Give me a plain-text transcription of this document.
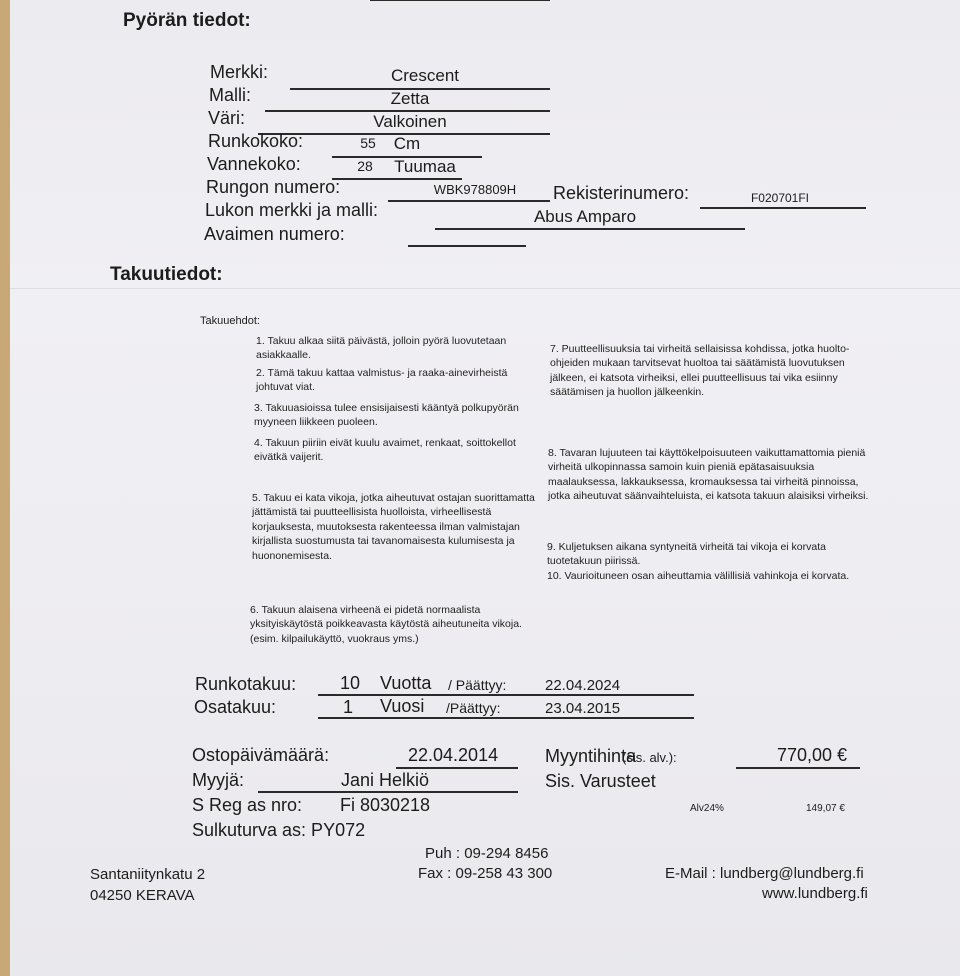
Pyörän tiedot:
Merkki:	Crescent
Malli:	Zetta
Väri:	Valkoinen
Runkokoko:	55	Cm
Vannekoko:	28	Tuumaa
Rungon numero:	WBK978809H	Rekisterinumero:	F020701FI
Lukon merkki ja malli:	Abus Amparo
Avaimen numero:
Takuutiedot:
Takuuehdot:
1. Takuu alkaa siitä päivästä, jolloin pyörä luovutetaan asiakkaalle.
2. Tämä takuu kattaa valmistus- ja raaka-ainevirheistä johtuvat viat.
3. Takuuasioissa tulee ensisijaisesti kääntyä polkupyörän myyneen liikkeen puoleen.
4. Takuun piiriin eivät kuulu avaimet, renkaat, soittokellot eivätkä vaijerit.
5. Takuu ei kata vikoja, jotka aiheutuvat ostajan suorittamatta jättämistä tai puutteellisista huolloista, virheellisestä korjauksesta, muutoksesta rakenteessa ilman valmistajan kirjallista suostumusta tai tavanomaisesta kulumisesta ja huononemisesta.
6. Takuun alaisena virheenä ei pidetä normaalista yksityiskäytöstä poikkeavasta käytöstä aiheutuneita vikoja. (esim. kilpailukäyttö, vuokraus yms.)
7. Puutteellisuuksia tai virheitä sellaisissa kohdissa, jotka huolto-ohjeiden mukaan tarvitsevat huoltoa tai säätämistä luovutuksen jälkeen, ei katsota virheiksi, ellei puutteellisuus tai vika esiinny säätämisen ja huollon jälkeenkin.
8. Tavaran lujuuteen tai käyttökelpoisuuteen vaikuttamattomia pieniä virheitä ulkopinnassa samoin kuin pieniä epätasaisuuksia maalauksessa, lakkauksessa, kromauksessa tai virheitä pinnoissa, jotka aiheutuvat säänvaihteluista, ei katsota takuun alaisiksi virheiksi.
9. Kuljetuksen aikana syntyneitä virheitä tai vikoja ei korvata tuotetakuun piirissä.
10. Vaurioituneen osan aiheuttamia välillisiä vahinkoja ei korvata.
Runkotakuu: 10 Vuotta / Päättyy:	22.04.2024
Osatakuu:	1 Vuosi /Päättyy:	23.04.2015
Ostopäivämäärä:	22.04.2014	Myyntihinta
(sis. alv.):	770,00 €
Myyjä:	Jani Helkiö	Sis. Varusteet
S Reg as nro: Fi 8030218	Alv24%	149,07 €
Sulkuturva as: PY072
Santaniitynkatu 2
04250 KERAVA
Puh : 09-294 8456
Fax : 09-258 43 300	E-Mail : lundberg@lundberg.fi
www.lundberg.fi
